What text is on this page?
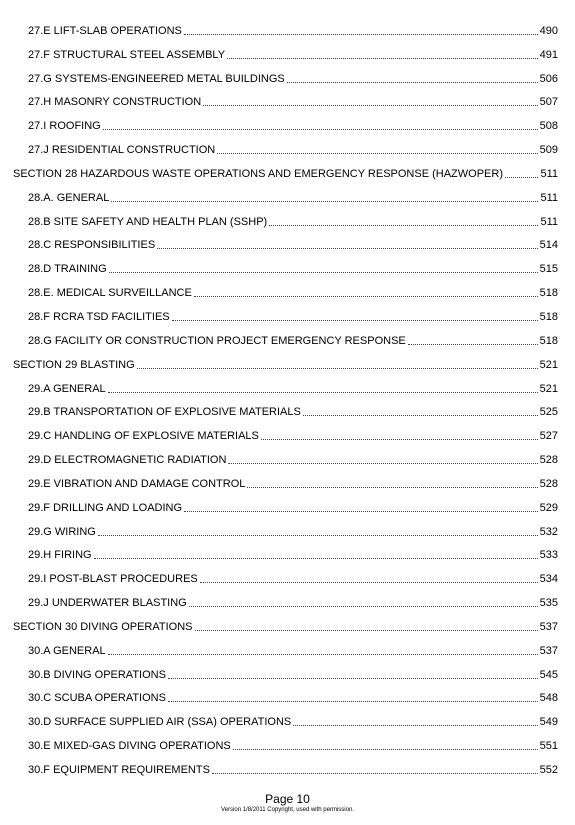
27.E LIFT-SLAB OPERATIONS	490
27.F STRUCTURAL STEEL ASSEMBLY	491
27.G SYSTEMS-ENGINEERED METAL BUILDINGS	506
27.H MASONRY CONSTRUCTION	507
27.I ROOFING	508
27.J RESIDENTIAL CONSTRUCTION	509
SECTION 28 HAZARDOUS WASTE OPERATIONS AND EMERGENCY RESPONSE (HAZWOPER)	511
28.A. GENERAL	511
28.B SITE SAFETY AND HEALTH PLAN (SSHP)	511
28.C RESPONSIBILITIES	514
28.D TRAINING	515
28.E. MEDICAL SURVEILLANCE	518
28.F RCRA TSD FACILITIES	518
28.G FACILITY OR CONSTRUCTION PROJECT EMERGENCY RESPONSE	518
SECTION 29 BLASTING	521
29.A GENERAL	521
29.B TRANSPORTATION OF EXPLOSIVE MATERIALS	525
29.C HANDLING OF EXPLOSIVE MATERIALS	527
29.D ELECTROMAGNETIC RADIATION	528
29.E VIBRATION AND DAMAGE CONTROL	528
29.F DRILLING AND LOADING	529
29.G WIRING	532
29.H FIRING	533
29.I POST-BLAST PROCEDURES	534
29.J UNDERWATER BLASTING	535
SECTION 30 DIVING OPERATIONS	537
30.A GENERAL	537
30.B DIVING OPERATIONS	545
30.C SCUBA OPERATIONS	548
30.D SURFACE SUPPLIED AIR (SSA) OPERATIONS	549
30.E MIXED-GAS DIVING OPERATIONS	551
30.F EQUIPMENT REQUIREMENTS	552
Page 10
Version 1/8/2011 Copyright, used with permission.
